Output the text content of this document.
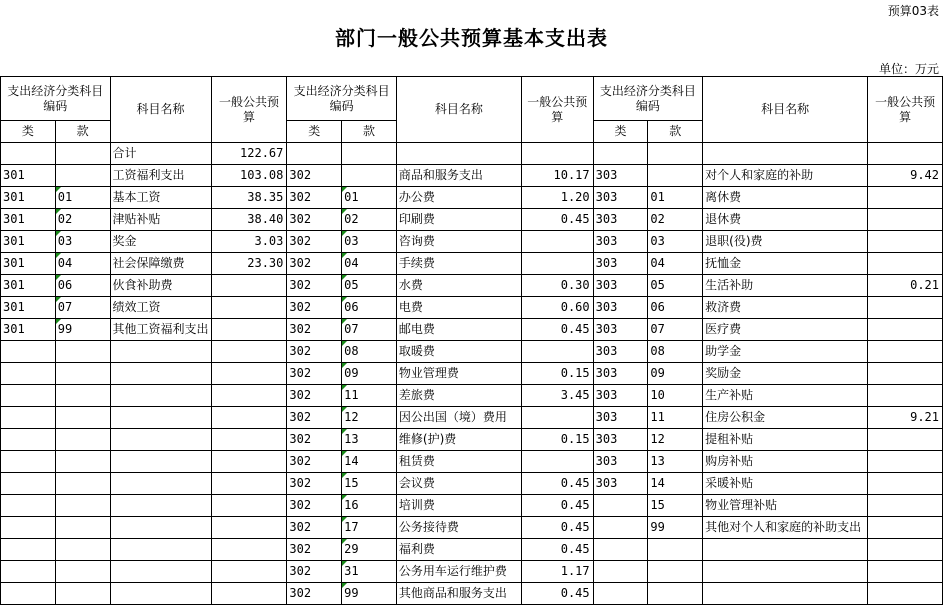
预算03表
部门一般公共预算基本支出表
单位：万元
支出经济分类科目编码		科目名称	一般公共预算	支出经济分类科目编码		科目名称	一般公共预算	支出经济分类科目编码		科目名称	一般公共预算
类	款			类	款			类	款		
		合计	122.67								
301		工资福利支出	103.08	302		商品和服务支出	10.17	303		对个人和家庭的补助	9.42
301	01	基本工资	38.35	302	01	办公费	1.20	303	01	离休费	
301	02	津贴补贴	38.40	302	02	印刷费	0.45	303	02	退休费	
301	03	奖金	3.03	302	03	咨询费		303	03	退职(役)费	
301	04	社会保障缴费	23.30	302	04	手续费		303	04	抚恤金	
301	06	伙食补助费		302	05	水费	0.30	303	05	生活补助	0.21
301	07	绩效工资		302	06	电费	0.60	303	06	救济费	
301	99	其他工资福利支出		302	07	邮电费	0.45	303	07	医疗费	
				302	08	取暖费		303	08	助学金	
				302	09	物业管理费	0.15	303	09	奖励金	
				302	11	差旅费	3.45	303	10	生产补贴	
				302	12	因公出国（境）费用		303	11	住房公积金	9.21
				302	13	维修(护)费	0.15	303	12	提租补贴	
				302	14	租赁费		303	13	购房补贴	
				302	15	会议费	0.45	303	14	采暖补贴	
				302	16	培训费	0.45		15	物业管理补贴	
				302	17	公务接待费	0.45		99	其他对个人和家庭的补助支出	
				302	29	福利费	0.45				
				302	31	公务用车运行维护费	1.17				
				302	99	其他商品和服务支出	0.45				
